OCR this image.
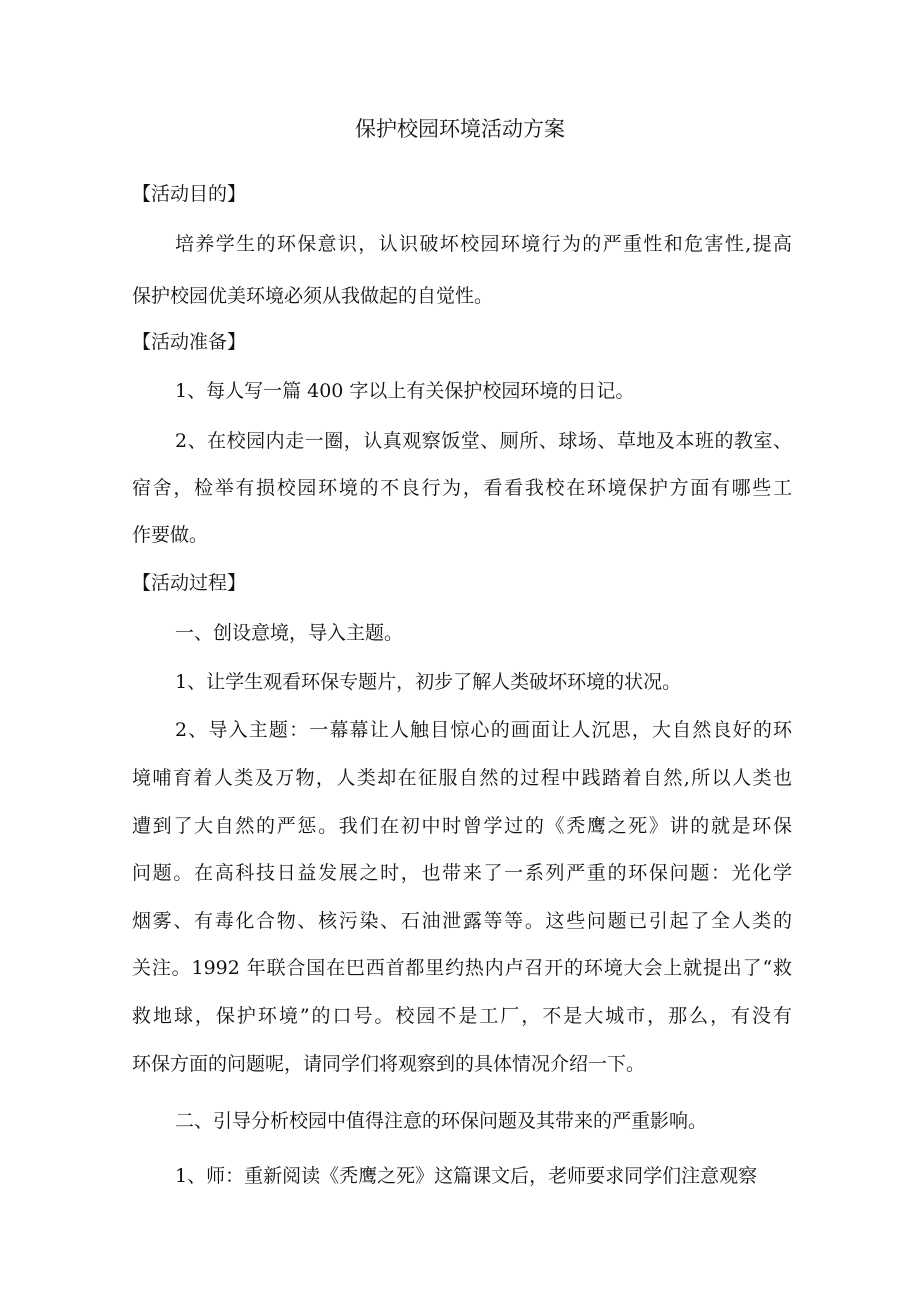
保护校园环境活动方案
【活动目的】
培养学生的环保意识，认识破坏校园环境行为的严重性和危害性,提高
保护校园优美环境必须从我做起的自觉性。
【活动准备】
1、每人写一篇 400 字以上有关保护校园环境的日记。
2、在校园内走一圈，认真观察饭堂、厕所、球场、草地及本班的教室、
宿舍，检举有损校园环境的不良行为，看看我校在环境保护方面有哪些工
作要做。
【活动过程】
一、创设意境，导入主题。
1、让学生观看环保专题片，初步了解人类破坏环境的状况。
2、导入主题：一幕幕让人触目惊心的画面让人沉思，大自然良好的环
境哺育着人类及万物，人类却在征服自然的过程中践踏着自然,所以人类也
遭到了大自然的严惩。我们在初中时曾学过的《秃鹰之死》讲的就是环保
问题。在高科技日益发展之时，也带来了一系列严重的环保问题：光化学
烟雾、有毒化合物、核污染、石油泄露等等。这些问题已引起了全人类的
关注。1992 年联合国在巴西首都里约热内卢召开的环境大会上就提出了“救
救地球，保护环境”的口号。校园不是工厂，不是大城市，那么，有没有
环保方面的问题呢，请同学们将观察到的具体情况介绍一下。
二、引导分析校园中值得注意的环保问题及其带来的严重影响。
1、师：重新阅读《秃鹰之死》这篇课文后，老师要求同学们注意观察
